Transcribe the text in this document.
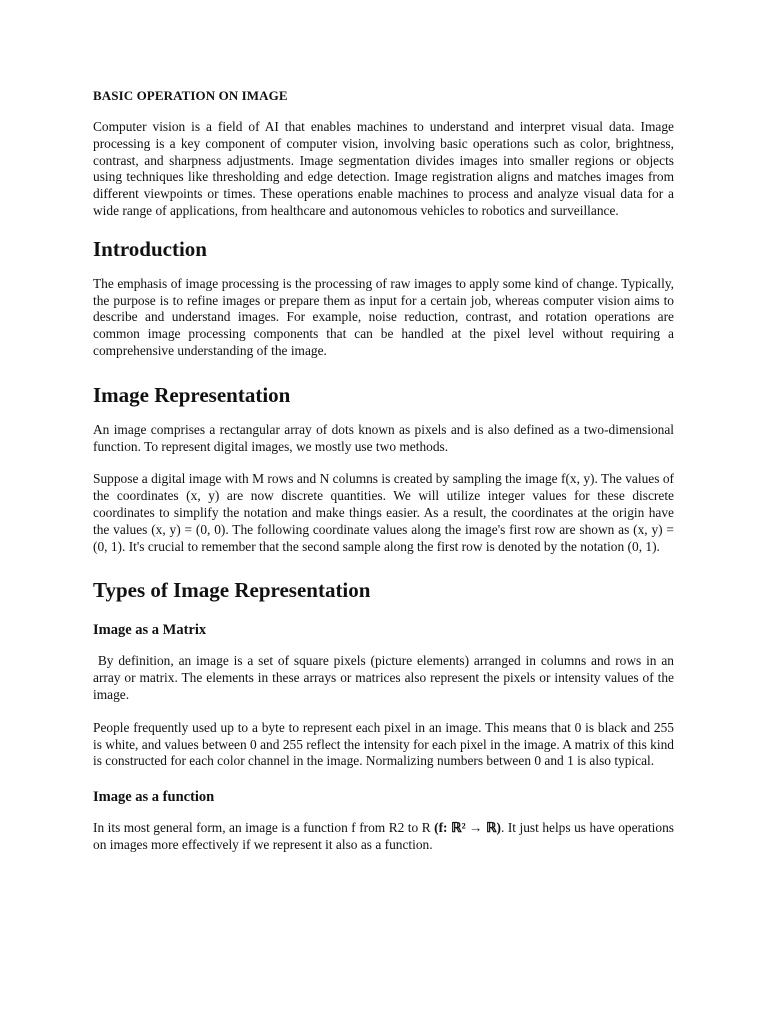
BASIC OPERATION ON IMAGE

Computer vision is a field of AI that enables machines to understand and interpret visual data. Image processing is a key component of computer vision, involving basic operations such as color, brightness, contrast, and sharpness adjustments. Image segmentation divides images into smaller regions or objects using techniques like thresholding and edge detection. Image registration aligns and matches images from different viewpoints or times. These operations enable machines to process and analyze visual data for a wide range of applications, from healthcare and autonomous vehicles to robotics and surveillance.

Introduction

The emphasis of image processing is the processing of raw images to apply some kind of change. Typically, the purpose is to refine images or prepare them as input for a certain job, whereas computer vision aims to describe and understand images. For example, noise reduction, contrast, and rotation operations are common image processing components that can be handled at the pixel level without requiring a comprehensive understanding of the image.

Image Representation

An image comprises a rectangular array of dots known as pixels and is also defined as a two-dimensional function. To represent digital images, we mostly use two methods.

Suppose a digital image with M rows and N columns is created by sampling the image f(x, y). The values of the coordinates (x, y) are now discrete quantities. We will utilize integer values for these discrete coordinates to simplify the notation and make things easier. As a result, the coordinates at the origin have the values (x, y) = (0, 0). The following coordinate values along the image's first row are shown as (x, y) = (0, 1). It's crucial to remember that the second sample along the first row is denoted by the notation (0, 1).

Types of Image Representation
Image as a Matrix

By definition, an image is a set of square pixels (picture elements) arranged in columns and rows in an array or matrix. The elements in these arrays or matrices also represent the pixels or intensity values of the image.

People frequently used up to a byte to represent each pixel in an image. This means that 0 is black and 255 is white, and values between 0 and 255 reflect the intensity for each pixel in the image. A matrix of this kind is constructed for each color channel in the image. Normalizing numbers between 0 and 1 is also typical.

Image as a function

In its most general form, an image is a function f from R2 to R (f: ℝ² → ℝ). It just helps us have operations on images more effectively if we represent it also as a function.
